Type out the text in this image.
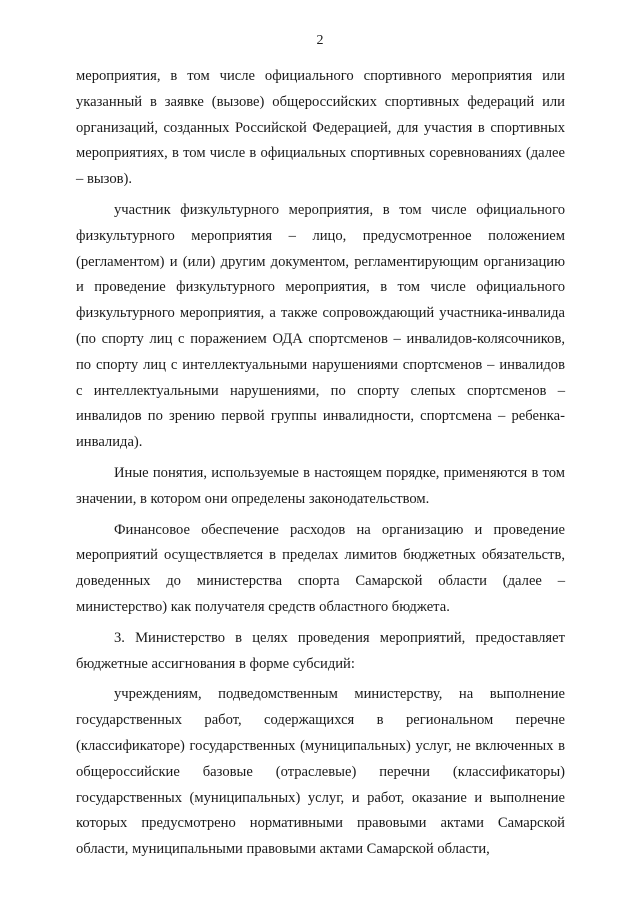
2

мероприятия, в том числе официального спортивного мероприятия или указанный в заявке (вызове) общероссийских спортивных федераций или организаций, созданных Российской Федерацией, для участия в спортивных мероприятиях, в том числе в официальных спортивных соревнованиях (далее – вызов).

участник физкультурного мероприятия, в том числе официального физкультурного мероприятия – лицо, предусмотренное положением (регламентом) и (или) другим документом, регламентирующим организацию и проведение физкультурного мероприятия, в том числе официального физкультурного мероприятия, а также сопровождающий участника-инвалида (по спорту лиц с поражением ОДА спортсменов – инвалидов-колясочников, по спорту лиц с интеллектуальными нарушениями спортсменов – инвалидов с интеллектуальными нарушениями, по спорту слепых спортсменов – инвалидов по зрению первой группы инвалидности, спортсмена – ребенка-инвалида).

Иные понятия, используемые в настоящем порядке, применяются в том значении, в котором они определены законодательством.

Финансовое обеспечение расходов на организацию и проведение мероприятий осуществляется в пределах лимитов бюджетных обязательств, доведенных до министерства спорта Самарской области (далее – министерство) как получателя средств областного бюджета.

3. Министерство в целях проведения мероприятий, предоставляет бюджетные ассигнования в форме субсидий:

учреждениям, подведомственным министерству, на выполнение государственных работ, содержащихся в региональном перечне (классификаторе) государственных (муниципальных) услуг, не включенных в общероссийские базовые (отраслевые) перечни (классификаторы) государственных (муниципальных) услуг, и работ, оказание и выполнение которых предусмотрено нормативными правовыми актами Самарской области, муниципальными правовыми актами Самарской области,
